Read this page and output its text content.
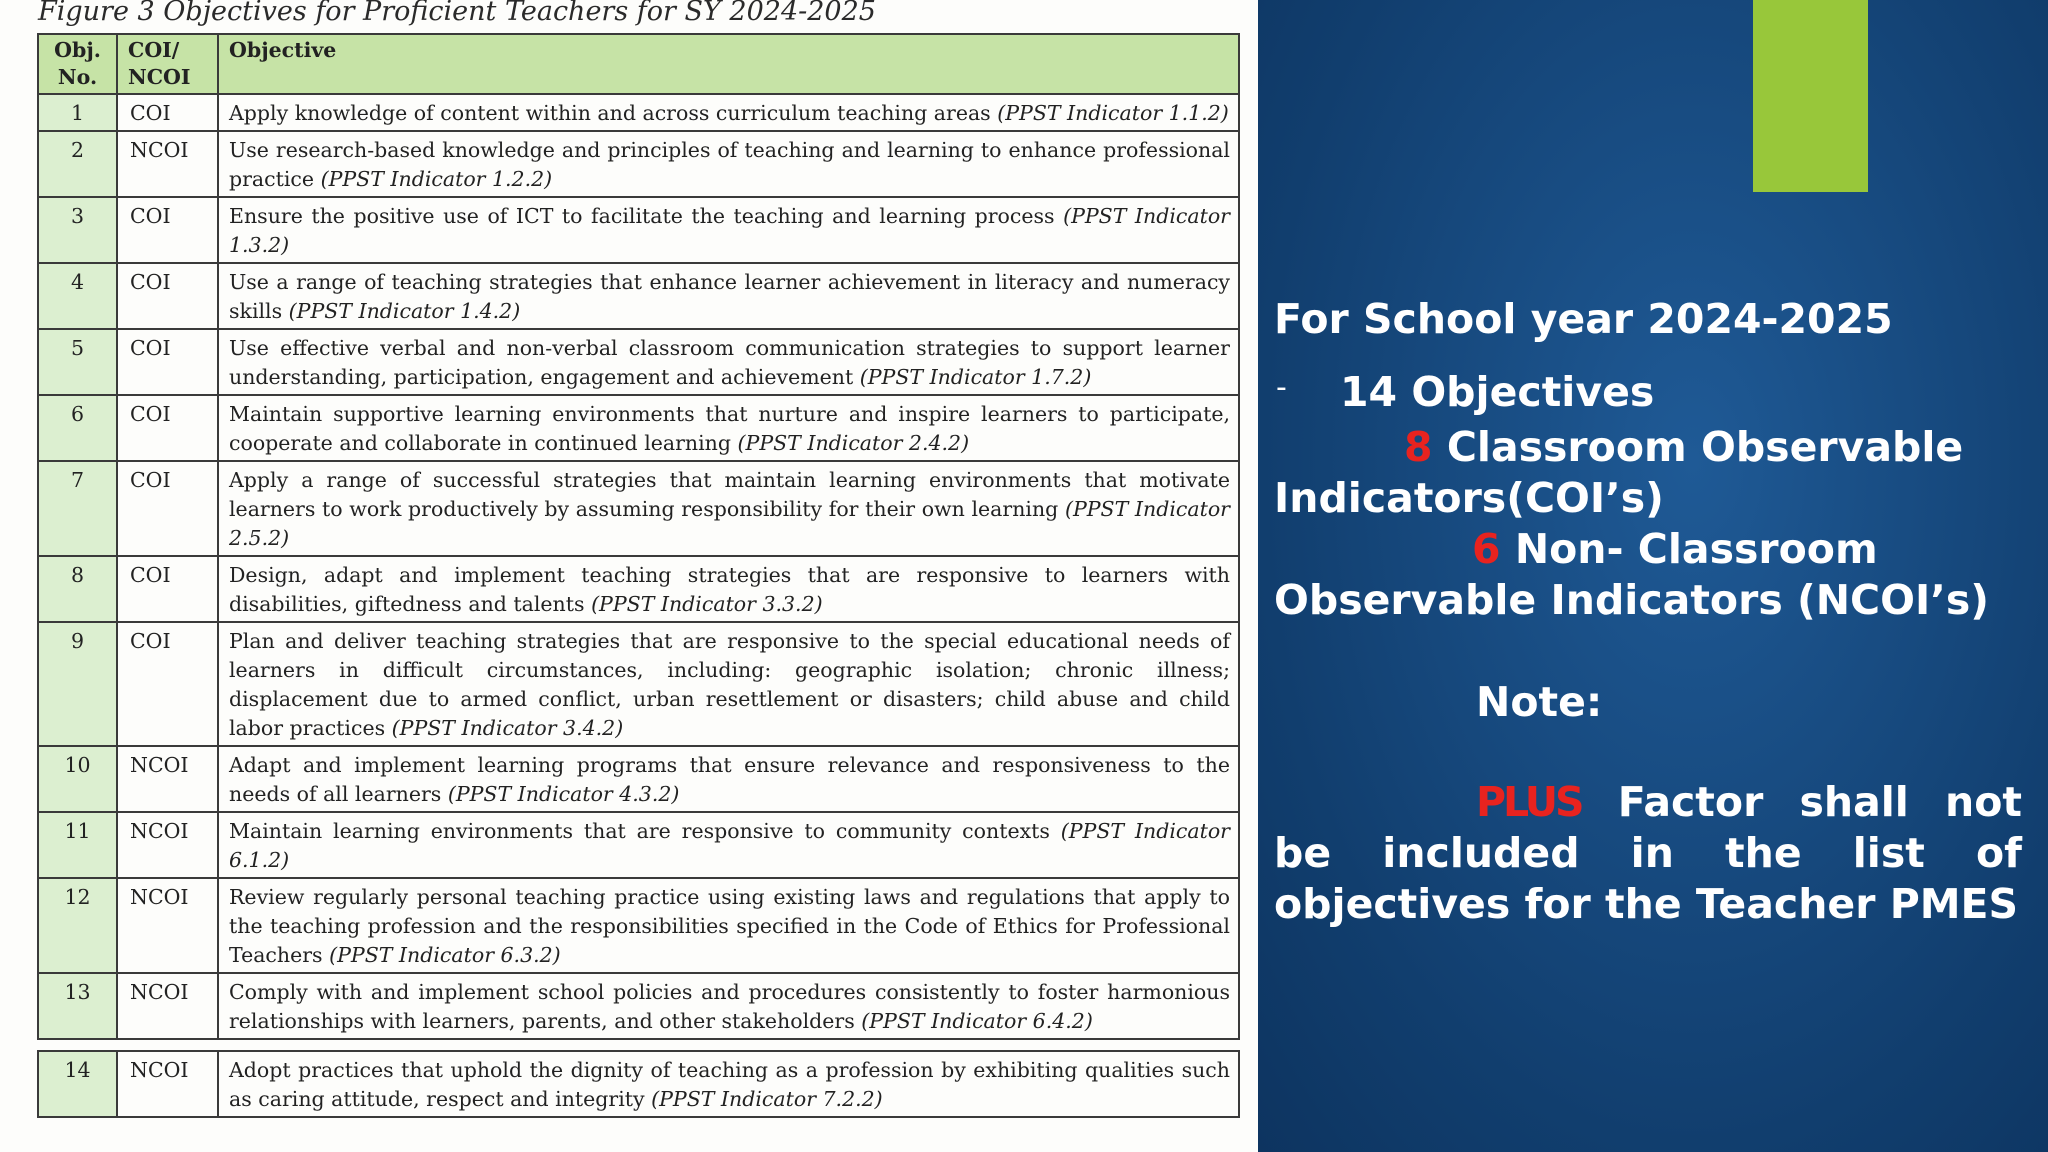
Figure 3 Objectives for Proficient Teachers for SY 2024-2025
Obj. No.	COI/ NCOI	Objective
1	COI	Apply knowledge of content within and across curriculum teaching areas (PPST Indicator 1.1.2)
2	NCOI	Use research-based knowledge and principles of teaching and learning to enhance professional practice (PPST Indicator 1.2.2)
3	COI	Ensure the positive use of ICT to facilitate the teaching and learning process (PPST Indicator 1.3.2)
4	COI	Use a range of teaching strategies that enhance learner achievement in literacy and numeracy skills (PPST Indicator 1.4.2)
5	COI	Use effective verbal and non-verbal classroom communication strategies to support learner understanding, participation, engagement and achievement (PPST Indicator 1.7.2)
6	COI	Maintain supportive learning environments that nurture and inspire learners to participate, cooperate and collaborate in continued learning (PPST Indicator 2.4.2)
7	COI	Apply a range of successful strategies that maintain learning environments that motivate learners to work productively by assuming responsibility for their own learning (PPST Indicator 2.5.2)
8	COI	Design, adapt and implement teaching strategies that are responsive to learners with disabilities, giftedness and talents (PPST Indicator 3.3.2)
9	COI	Plan and deliver teaching strategies that are responsive to the special educational needs of learners in difficult circumstances, including: geographic isolation; chronic illness; displacement due to armed conflict, urban resettlement or disasters; child abuse and child labor practices (PPST Indicator 3.4.2)
10	NCOI	Adapt and implement learning programs that ensure relevance and responsiveness to the needs of all learners (PPST Indicator 4.3.2)
11	NCOI	Maintain learning environments that are responsive to community contexts (PPST Indicator 6.1.2)
12	NCOI	Review regularly personal teaching practice using existing laws and regulations that apply to the teaching profession and the responsibilities specified in the Code of Ethics for Professional Teachers (PPST Indicator 6.3.2)
13	NCOI	Comply with and implement school policies and procedures consistently to foster harmonious relationships with learners, parents, and other stakeholders (PPST Indicator 6.4.2)

14	NCOI	Adopt practices that uphold the dignity of teaching as a profession by exhibiting qualities such as caring attitude, respect and integrity (PPST Indicator 7.2.2)

For School year 2024-2025

- 14 Objectives

8 Classroom Observable

Indicators(COI’s)

6 Non- Classroom

Observable Indicators (NCOI’s)

Note:

PLUS Factor shall not be included in the list of objectives for the Teacher PMES
